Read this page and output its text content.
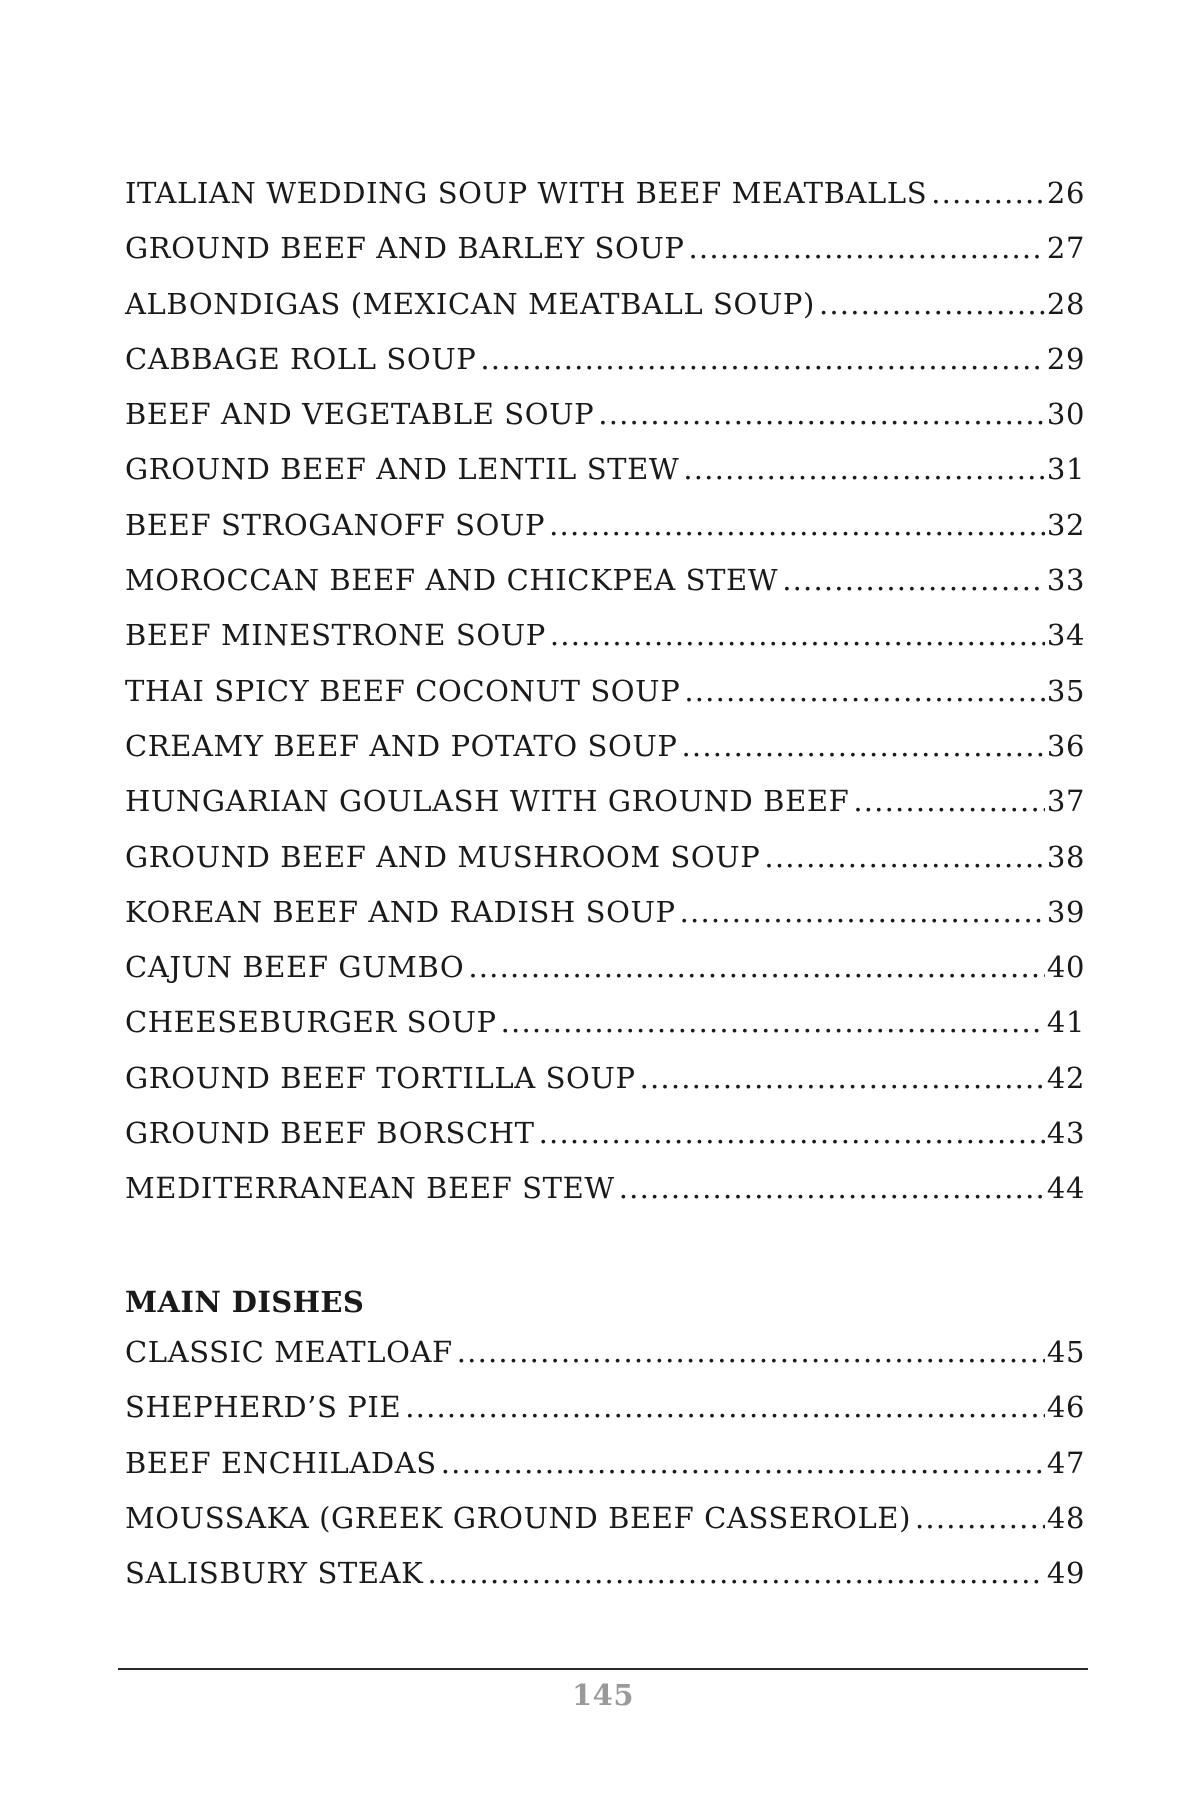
ITALIAN WEDDING SOUP WITH BEEF MEATBALLS .....	26
GROUND BEEF AND BARLEY SOUP .....	27
ALBONDIGAS (MEXICAN MEATBALL SOUP) .....	28
CABBAGE ROLL SOUP .....	29
BEEF AND VEGETABLE SOUP .....	30
GROUND BEEF AND LENTIL STEW .....	31
BEEF STROGANOFF SOUP .....	32
MOROCCAN BEEF AND CHICKPEA STEW .....	33
BEEF MINESTRONE SOUP .....	34
THAI SPICY BEEF COCONUT SOUP .....	35
CREAMY BEEF AND POTATO SOUP .....	36
HUNGARIAN GOULASH WITH GROUND BEEF .....	37
GROUND BEEF AND MUSHROOM SOUP .....	38
KOREAN BEEF AND RADISH SOUP .....	39
CAJUN BEEF GUMBO .....	40
CHEESEBURGER SOUP .....	41
GROUND BEEF TORTILLA SOUP .....	42
GROUND BEEF BORSCHT .....	43
MEDITERRANEAN BEEF STEW .....	44
MAIN DISHES
CLASSIC MEATLOAF .....	45
SHEPHERD’S PIE .....	46
BEEF ENCHILADAS .....	47
MOUSSAKA (GREEK GROUND BEEF CASSEROLE) .....	48
SALISBURY STEAK .....	49
145
